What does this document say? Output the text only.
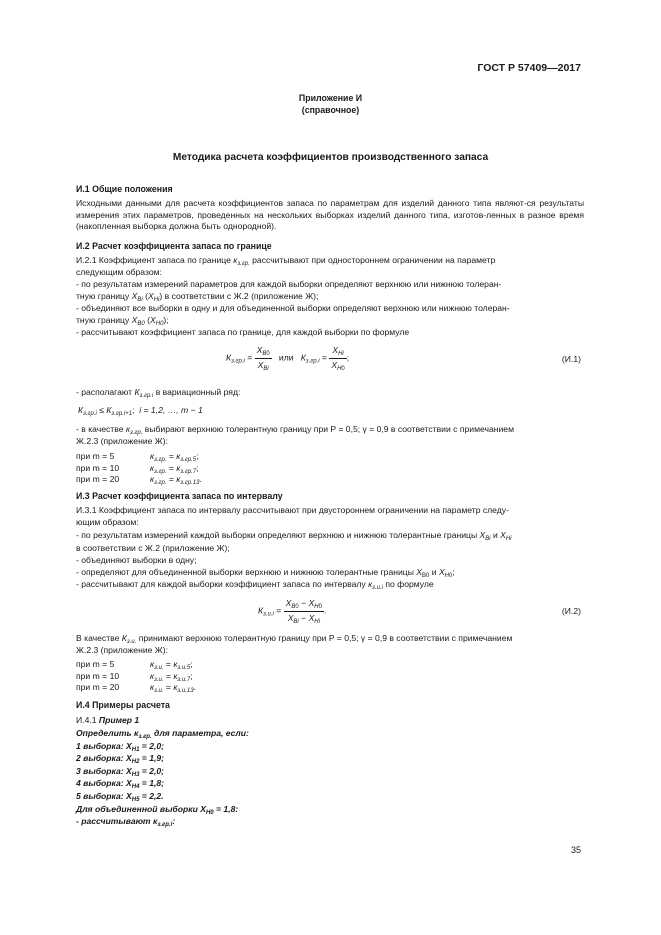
ГОСТ Р 57409—2017
Приложение И
(справочное)
Методика расчета коэффициентов производственного запаса
И.1 Общие положения
Исходными данными для расчета коэффициентов запаса по параметрам для изделий данного типа являют-ся результаты измерения этих параметров, проведенных на нескольких выборках изделий данного типа, изготов-ленных в разное время (накопленная выборка должна быть однородной).
И.2 Расчет коэффициента запаса по границе
И.2.1 Коэффициент запаса по границе $к_{з.гр.}$ рассчитывают при одностороннем ограничении на параметр
следующим образом:
- по результатам измерений параметров для каждой выборки определяют верхнюю или нижнюю толеран-
тную границу $X_{Bi}$ $(X_{Hi})$ в соответствии с Ж.2 (приложение Ж);
- объединяют все выборки в одну и для объединенной выборки определяют верхнюю или нижнюю толеран-
тную границу $X_{B0}$ $(X_{H0})$;
- рассчитывают коэффициент запаса по границе, для каждой выборки по формуле
$К_{з.гр.i} = \frac{X_{B0}}{X_{Bi}}$ или $К_{з.гр.i} = \frac{X_{Hi}}{X_{H0}}$ ;	(И.1)
- располагают $К_{з.гр.i}$ в вариационный ряд:
$К_{з.гр.i} \le К_{з.гр.i+1}$;  i = 1,2, …, m − 1
- в качестве $к_{з.гр.}$ выбирают верхнюю толерантную границу при P = 0,5; γ = 0,9 в соответствии с примечанием
Ж.2.3 (приложение Ж):
при m = 5	$к_{з.гр.} = к_{з.гр.5}$;
при m = 10	$к_{з.гр.} = к_{з.гр.7}$;
при m = 20	$к_{з.гр.} = к_{з.гр.13}$.
И.3 Расчет коэффициента запаса по интервалу
И.3.1 Коэффициент запаса по интервалу рассчитывают при двустороннем ограничении на параметр следу-
ющим образом:
- по результатам измерений каждой выборки определяют верхнюю и нижнюю толерантные границы $X_{Bi}$ и $X_{Hi}$
в соответствии с Ж.2 (приложение Ж);
- объединяют выборки в одну;
- определяют для объединенной выборки верхнюю и нижнюю толерантные границы $X_{B0}$ и $X_{H0}$;
- рассчитывают для каждой выборки коэффициент запаса по интервалу $к_{з.и.i}$ по формуле
$К_{з.и.i} = \frac{X_{B0} - X_{H0}}{X_{Bi} - X_{Hi}}$ .	(И.2)
В качестве $К_{з.и.}$ принимают верхнюю толерантную границу при P = 0,5; γ = 0,9 в соответствии с примечанием
Ж.2.3 (приложение Ж):
при m = 5	$к_{з.и.} = к_{з.и.5}$;
при m = 10	$к_{з.и.} = к_{з.и.7}$;
при m = 20	$к_{з.и.} = к_{з.и.13}$.
И.4 Примеры расчета
И.4.1 Пример 1
Определить $к_{з.гр.}$ для параметра, если:
1 выборка: $X_{H1} = 2,0$;
2 выборка: $X_{H2} = 1,9$;
3 выборка: $X_{H3} = 2,0$;
4 выборка: $X_{H4} = 1,8$;
5 выборка: $X_{H5} = 2,2$.
Для объединенной выборки $X_{H0} = 1,8$:
- рассчитывают $к_{з.гр.i}$:
35
